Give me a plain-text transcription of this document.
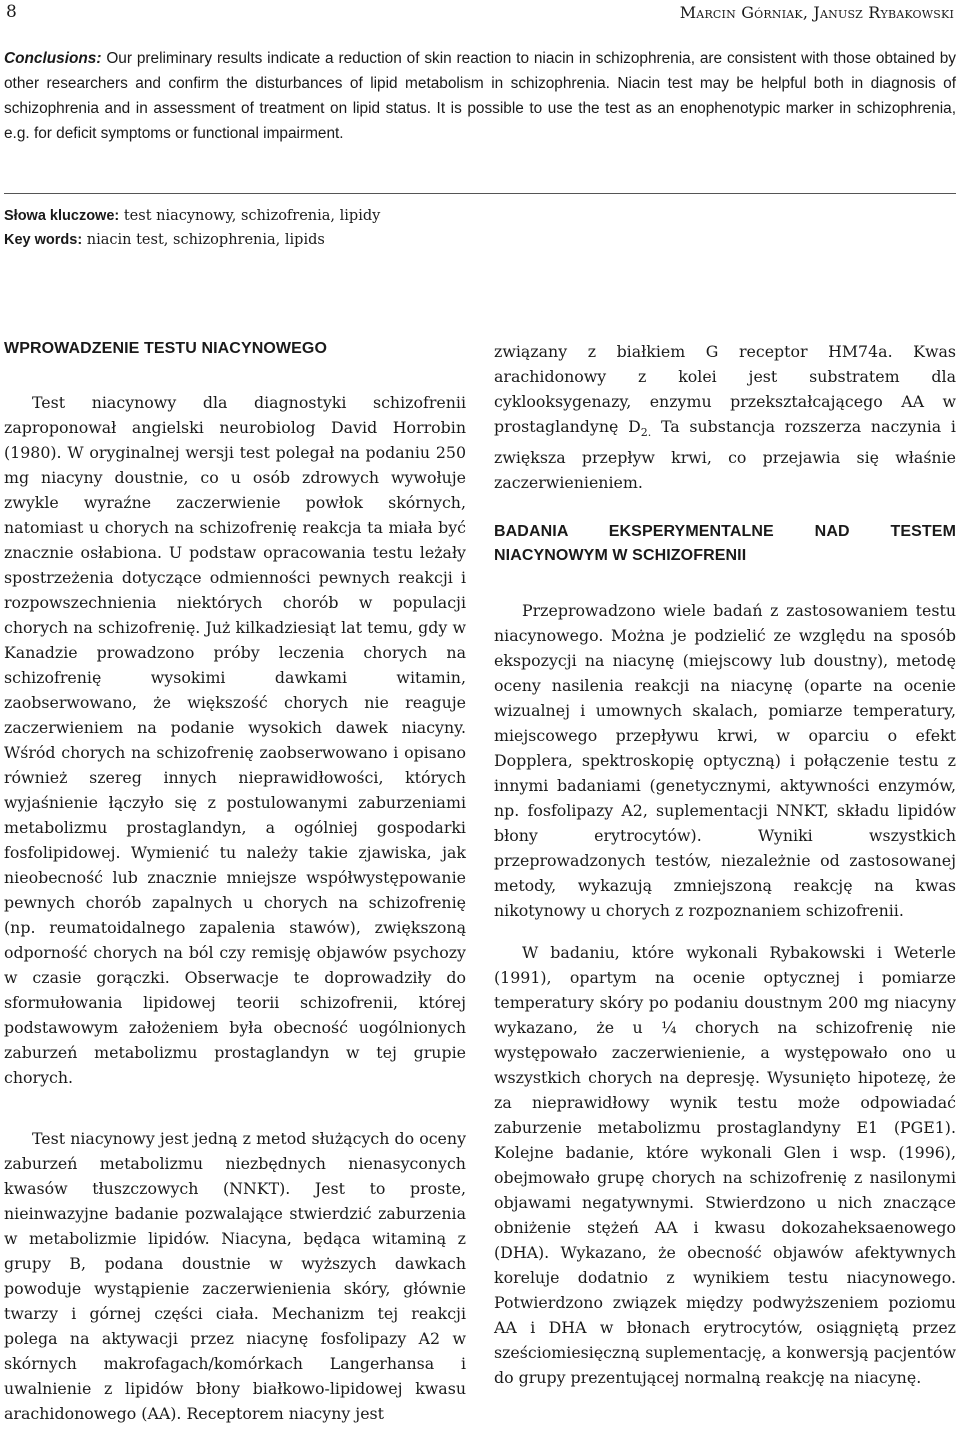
8	Marcin Górniak, Janusz Rybakowski
Conclusions: Our preliminary results indicate a reduction of skin reaction to niacin in schizophrenia, are consistent with those obtained by other researchers and confirm the disturbances of lipid metabolism in schizophrenia. Niacin test may be helpful both in diagnosis of schizophrenia and in assessment of treatment on lipid status. It is possible to use the test as an enophenotypic marker in schizophrenia, e.g. for deficit symptoms or functional impairment.
Słowa kluczowe: test niacynowy, schizofrenia, lipidy
Key words: niacin test, schizophrenia, lipids
WPROWADZENIE TESTU NIACYNOWEGO

Test niacynowy dla diagnostyki schizofrenii zaproponował angielski neurobiolog David Horrobin (1980). W oryginalnej wersji test polegał na podaniu 250 mg niacyny doustnie, co u osób zdrowych wywołuje zwykle wyraźne zaczerwienie powłok skórnych, natomiast u chorych na schizofrenię reakcja ta miała być znacznie osłabiona. U podstaw opracowania testu leżały spostrzeżenia dotyczące odmienności pewnych reakcji i rozpowszechnienia niektórych chorób w populacji chorych na schizofrenię. Już kilkadziesiąt lat temu, gdy w Kanadzie prowadzono próby leczenia chorych na schizofrenię wysokimi dawkami witamin, zaobserwowano, że większość chorych nie reaguje zaczerwieniem na podanie wysokich dawek niacyny. Wśród chorych na schizofrenię zaobserwowano i opisano również szereg innych nieprawidłowości, których wyjaśnienie łączyło się z postulowanymi zaburzeniami metabolizmu prostaglandyn, a ogólniej gospodarki fosfolipidowej. Wymienić tu należy takie zjawiska, jak nieobecność lub znacznie mniejsze współwystępowanie pewnych chorób zapalnych u chorych na schizofrenię (np. reumatoidalnego zapalenia stawów), zwiększoną odporność chorych na ból czy remisję objawów psychozy w czasie gorączki. Obserwacje te doprowadziły do sformułowania lipidowej teorii schizofrenii, której podstawowym założeniem była obecność uogólnionych zaburzeń metabolizmu prostaglandyn w tej grupie chorych.

Test niacynowy jest jedną z metod służących do oceny zaburzeń metabolizmu niezbędnych nienasyconych kwasów tłuszczowych (NNKT). Jest to proste, nieinwazyjne badanie pozwalające stwierdzić zaburzenia w metabolizmie lipidów. Niacyna, będąca witaminą z grupy B, podana doustnie w wyższych dawkach powoduje wystąpienie zaczerwienienia skóry, głównie twarzy i górnej części ciała. Mechanizm tej reakcji polega na aktywacji przez niacynę fosfolipazy A2 w skórnych makrofagach/komórkach Langerhansa i uwalnienie z lipidów błony białkowo-lipidowej kwasu arachidonowego (AA). Receptorem niacyny jest

związany z białkiem G receptor HM74a. Kwas arachidonowy z kolei jest substratem dla cyklooksygenazy, enzymu przekształcającego AA w prostaglandynę $D_{2.}$ Ta substancja rozszerza naczynia i zwiększa przepływ krwi, co przejawia się właśnie zaczerwienieniem.

BADANIA EKSPERYMENTALNE NAD TESTEM NIACYNOWYM W SCHIZOFRENII

Przeprowadzono wiele badań z zastosowaniem testu niacynowego. Można je podzielić ze względu na sposób ekspozycji na niacynę (miejscowy lub doustny), metodę oceny nasilenia reakcji na niacynę (oparte na ocenie wizualnej i umownych skalach, pomiarze temperatury, miejscowego przepływu krwi, w oparciu o efekt Dopplera, spektroskopię optyczną) i połączenie testu z innymi badaniami (genetycznymi, aktywności enzymów, np. fosfolipazy A2, suplementacji NNKT, składu lipidów błony erytrocytów). Wyniki wszystkich przeprowadzonych testów, niezależnie od zastosowanej metody, wykazują zmniejszoną reakcję na kwas nikotynowy u chorych z rozpoznaniem schizofrenii.

W badaniu, które wykonali Rybakowski i Weterle (1991), opartym na ocenie optycznej i pomiarze temperatury skóry po podaniu doustnym 200 mg niacyny wykazano, że u ¼ chorych na schizofrenię nie występowało zaczerwienienie, a występowało ono u wszystkich chorych na depresję. Wysunięto hipotezę, że za nieprawidłowy wynik testu może odpowiadać zaburzenie metabolizmu prostaglandyny E1 (PGE1). Kolejne badanie, które wykonali Glen i wsp. (1996), obejmowało grupę chorych na schizofrenię z nasilonymi objawami negatywnymi. Stwierdzono u nich znaczące obniżenie stężeń AA i kwasu dokozaheksaenowego (DHA). Wykazano, że obecność objawów afektywnych koreluje dodatnio z wynikiem testu niacynowego. Potwierdzono związek między podwyższeniem poziomu AA i DHA w błonach erytrocytów, osiągniętą przez sześciomiesięczną suplementację, a konwersją pacjentów do grupy prezentującej normalną reakcję na niacynę.
